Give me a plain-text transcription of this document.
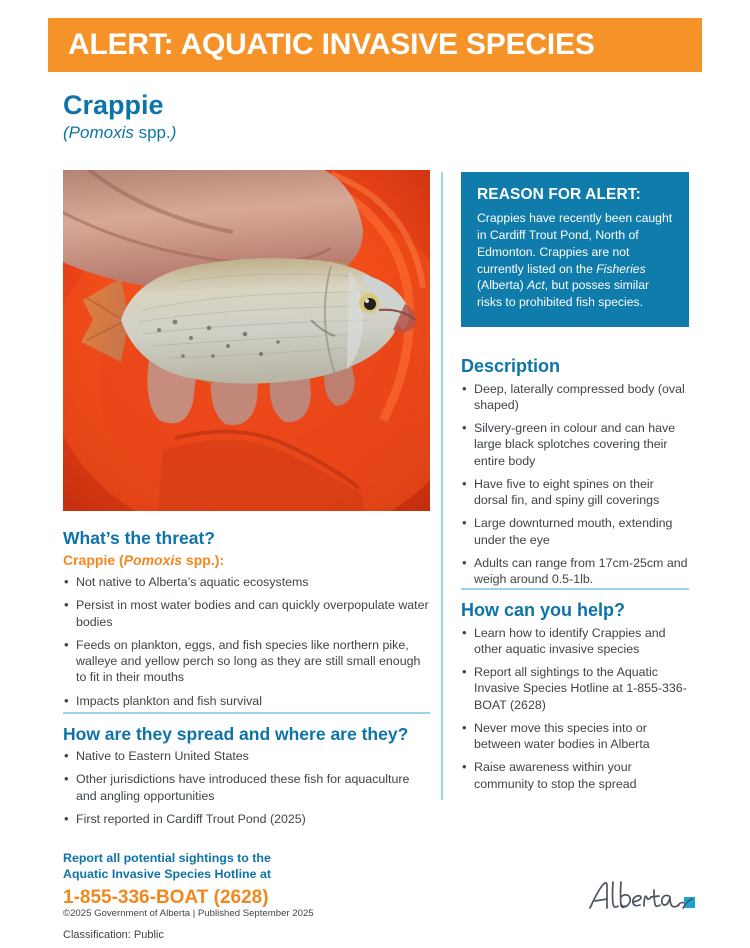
ALERT: AQUATIC INVASIVE SPECIES
Crappie
(Pomoxis spp.)
REASON FOR ALERT:
Crappies have recently been caught in Cardiff Trout Pond, North of Edmonton. Crappies are not currently listed on the Fisheries (Alberta) Act, but posses similar risks to prohibited fish species.
Description
• Deep, laterally compressed body (oval shaped)
• Silvery-green in colour and can have large black splotches covering their entire body
• Have five to eight spines on their dorsal fin, and spiny gill coverings
• Large downturned mouth, extending under the eye
• Adults can range from 17cm-25cm and weigh around 0.5-1lb.
How can you help?
• Learn how to identify Crappies and other aquatic invasive species
• Report all sightings to the Aquatic Invasive Species Hotline at 1-855-336-BOAT (2628)
• Never move this species into or between water bodies in Alberta
• Raise awareness within your community to stop the spread
What’s the threat?
Crappie (Pomoxis spp.):
• Not native to Alberta’s aquatic ecosystems
• Persist in most water bodies and can quickly overpopulate water bodies
• Feeds on plankton, eggs, and fish species like northern pike, walleye and yellow perch so long as they are still small enough to fit in their mouths
• Impacts plankton and fish survival
How are they spread and where are they?
• Native to Eastern United States
• Other jurisdictions have introduced these fish for aquaculture and angling opportunities
• First reported in Cardiff Trout Pond (2025)
Report all potential sightings to the
Aquatic Invasive Species Hotline at
1-855-336-BOAT (2628)
©2025 Government of Alberta | Published September 2025
Classification: Public
